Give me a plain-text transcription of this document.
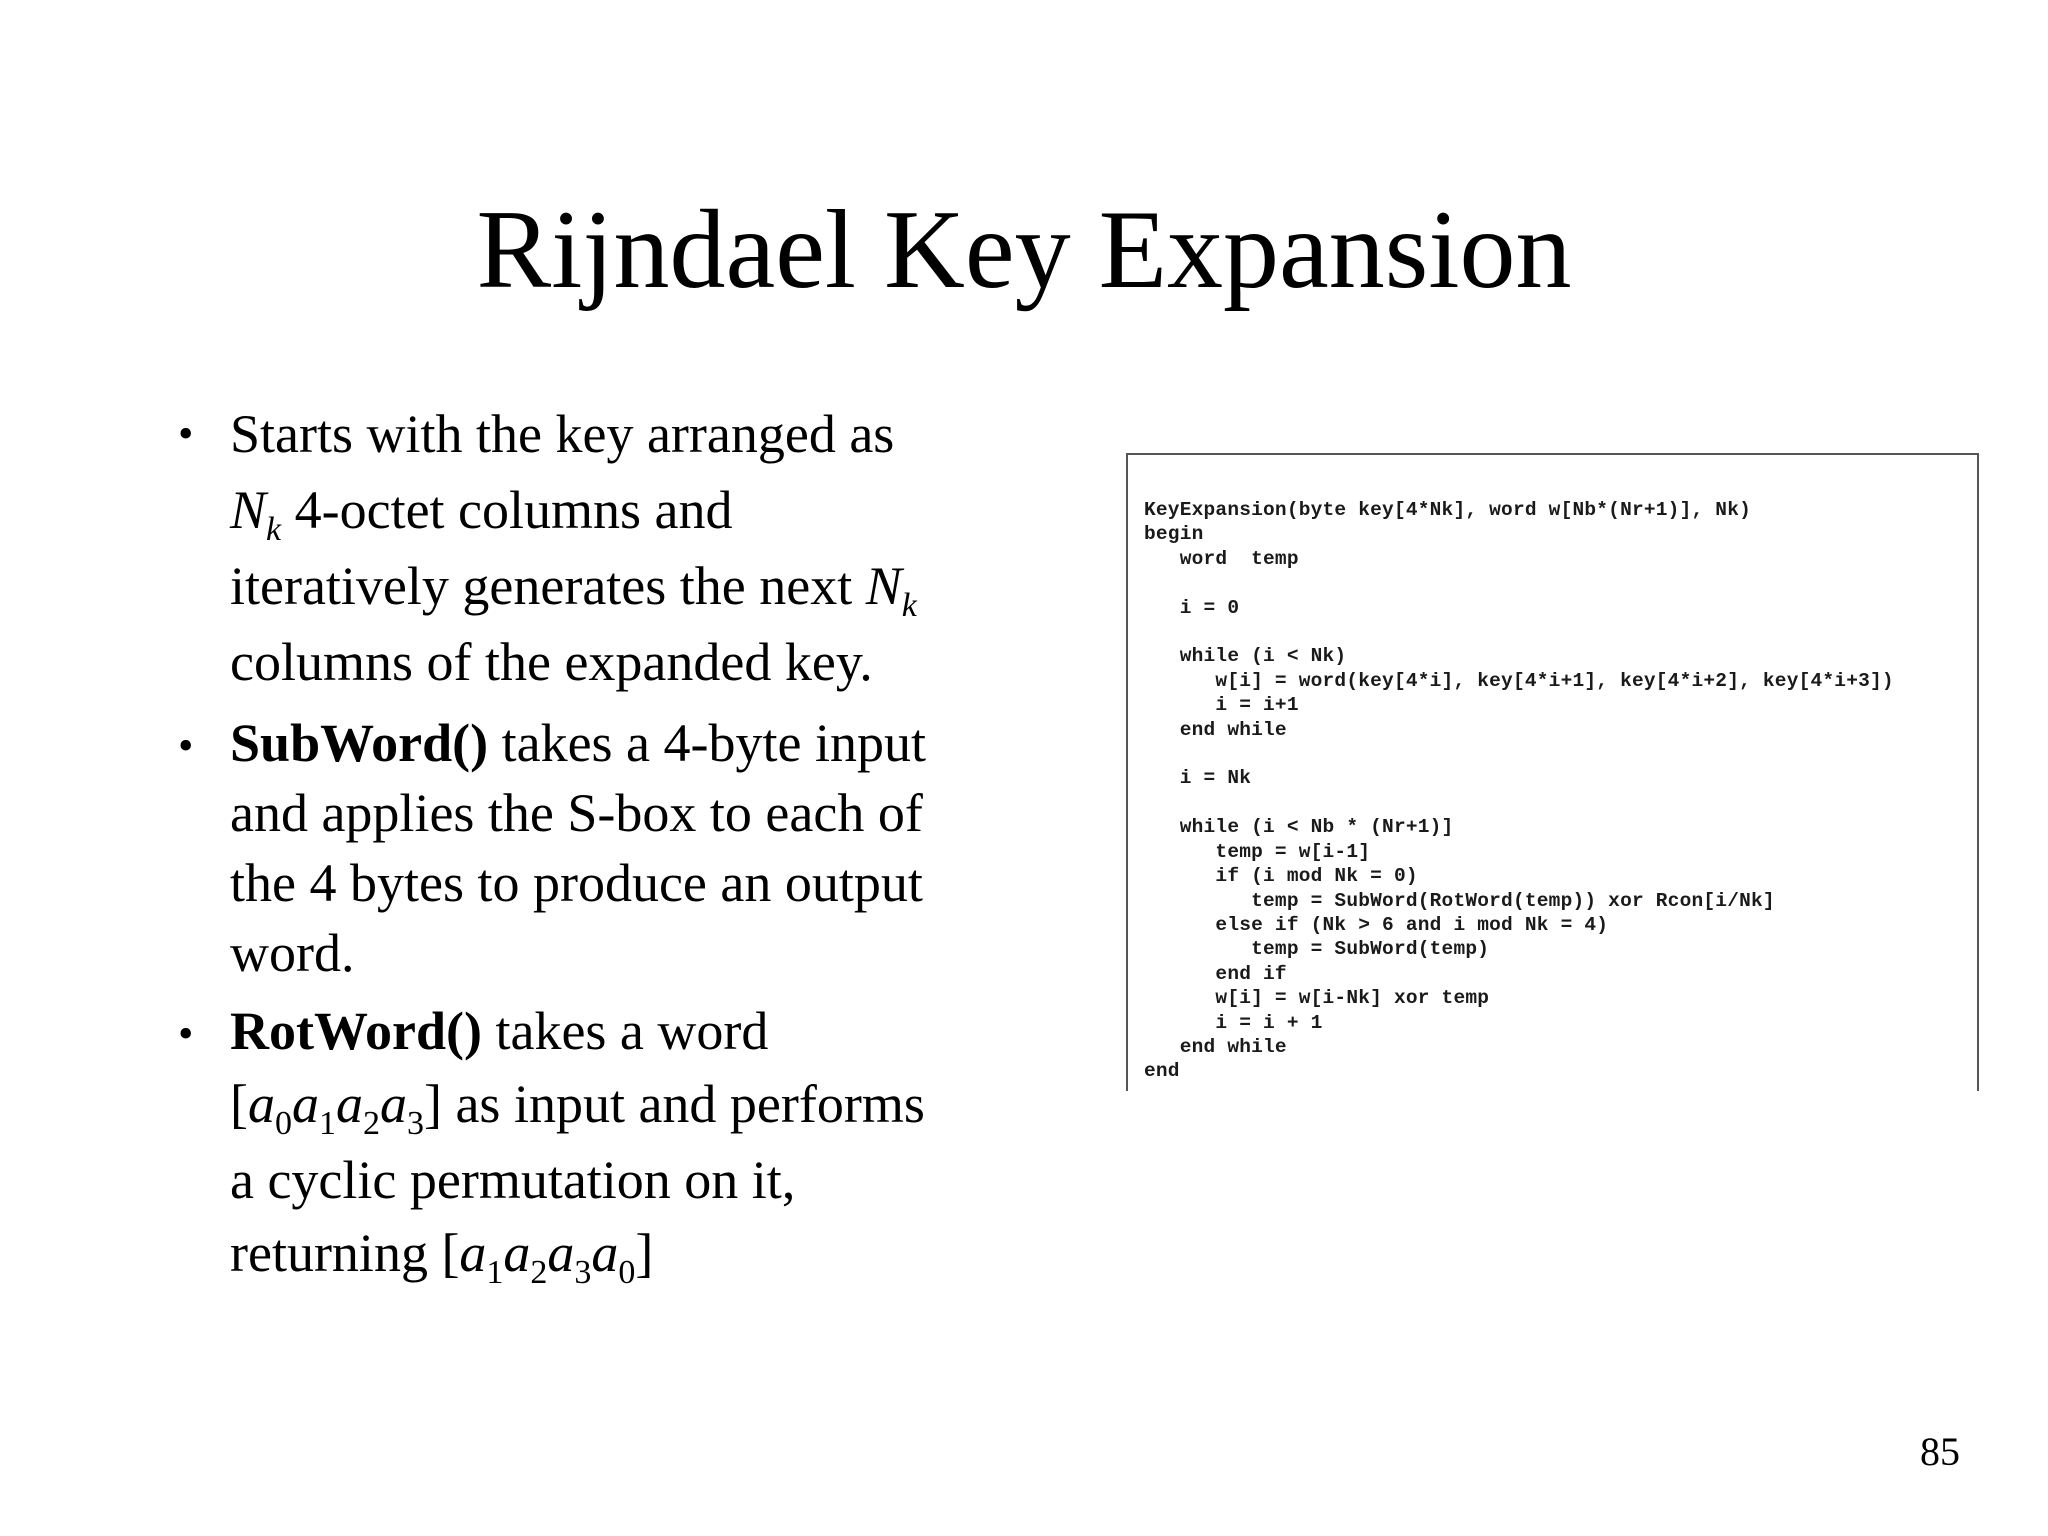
Rijndael Key Expansion
• Starts with the key arranged as
$N_k$ 4-octet columns and
iteratively generates the next $N_k$
columns of the expanded key.
• SubWord() takes a 4-byte input
and applies the S-box to each of
the 4 bytes to produce an output
word.
• RotWord() takes a word
$[a_0a_1a_2a_3]$ as input and performs
a cyclic permutation on it,
returning $[a_1a_2a_3a_0]$
KeyExpansion(byte key[4*Nk], word w[Nb*(Nr+1)], Nk)
begin
word  temp

i = 0

while (i < Nk)
w[i] = word(key[4*i], key[4*i+1], key[4*i+2], key[4*i+3])
i = i+1
end while

i = Nk

while (i < Nb * (Nr+1)]
temp = w[i-1]
if (i mod Nk = 0)
temp = SubWord(RotWord(temp)) xor Rcon[i/Nk]
else if (Nk > 6 and i mod Nk = 4)
temp = SubWord(temp)
end if
w[i] = w[i-Nk] xor temp
i = i + 1
end while
end
85
